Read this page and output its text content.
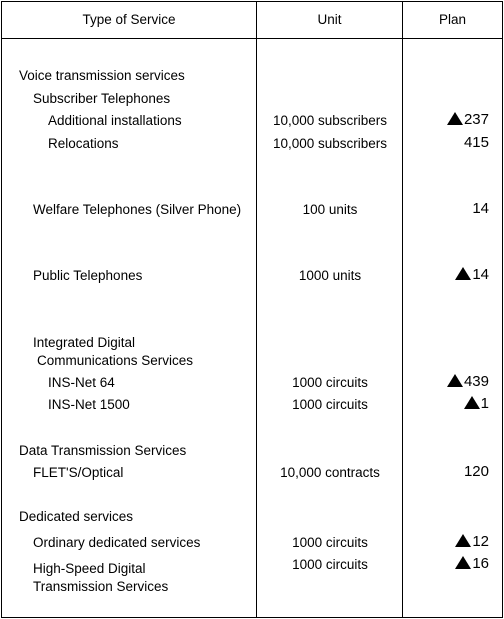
Type of Service	Unit	Plan
Voice transmission services
Subscriber Telephones
Additional installations	10,000 subscribers	237
Relocations	10,000 subscribers	415
Welfare Telephones (Silver Phone)	100 units	14
Public Telephones	1000 units	14
Integrated Digital
Communications Services
INS-Net 64	1000 circuits	439
INS-Net 1500	1000 circuits	1
Data Transmission Services
FLET'S/Optical	10,000 contracts	120
Dedicated services
Ordinary dedicated services	1000 circuits	12
High-Speed Digital
Transmission Services
1000 circuits	16
